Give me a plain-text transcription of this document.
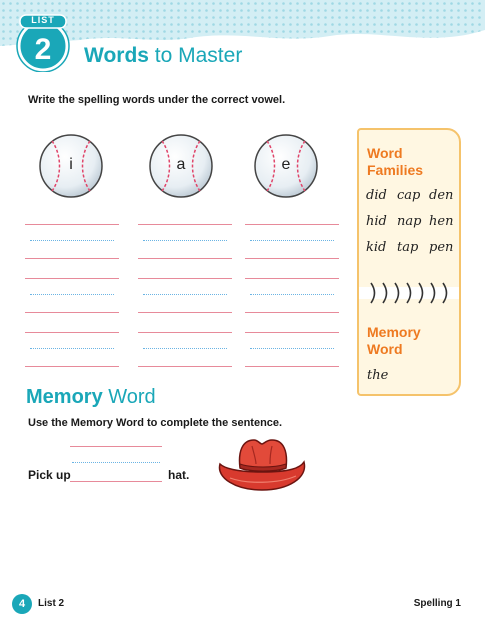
LIST
2	Words to Master
Write the spelling words under the correct vowel.
i	a	e
Word
Families
did cap den
hid nap hen
kid tap pen
Memory
Word
the
Memory Word
Use the Memory Word to complete the sentence.
Pick up	hat.
4	List 2	Spelling 1
